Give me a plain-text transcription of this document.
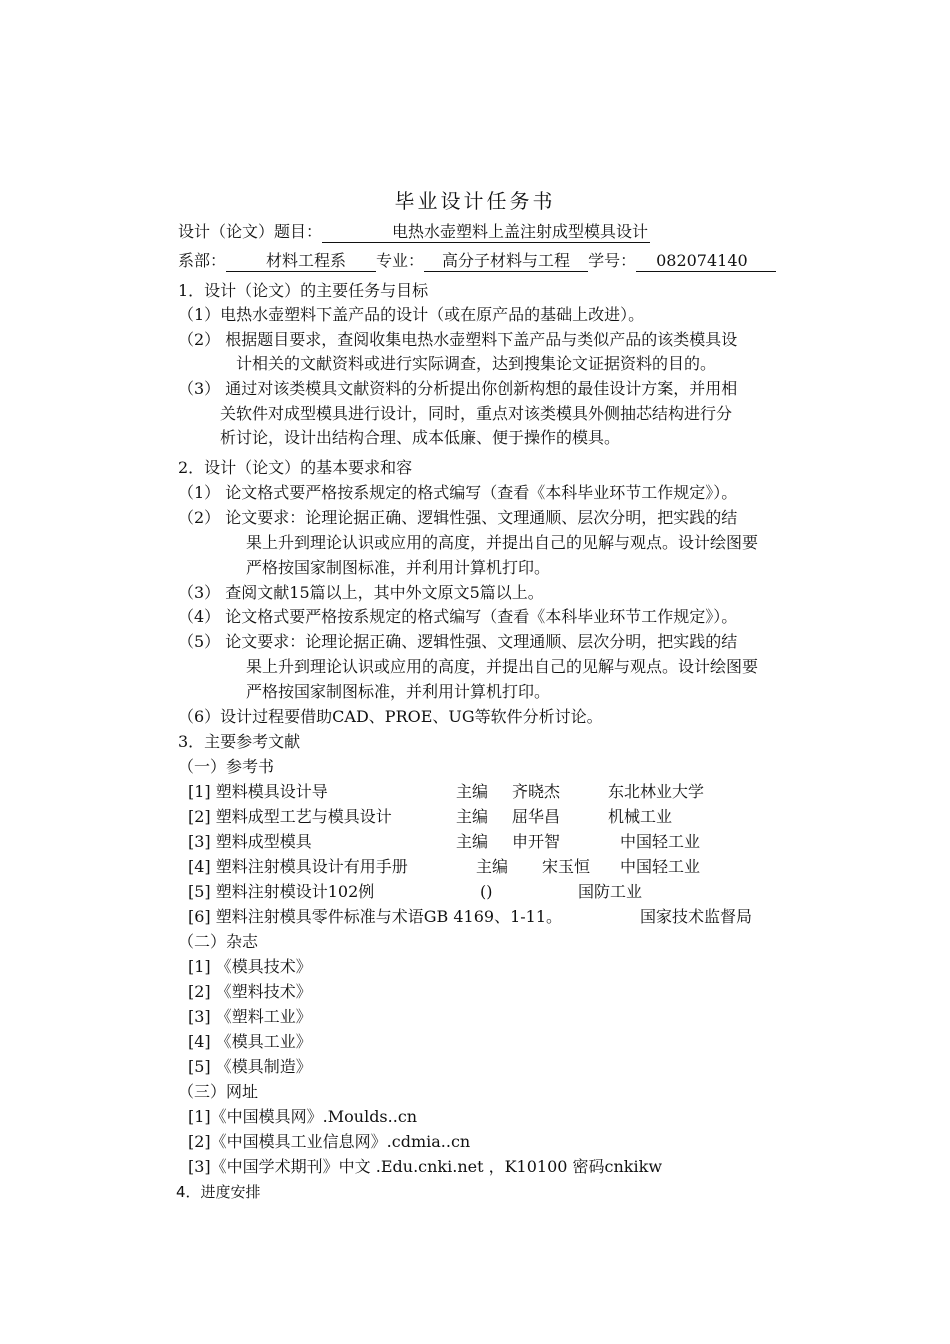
毕业设计任务书
设计（论文）题目：	电热水壶塑料上盖注射成型模具设计
系部：	材料工程系 专业： 高分子材料与工程 学号： 082074140
1．设计（论文）的主要任务与目标
（1）电热水壶塑料下盖产品的设计（或在原产品的基础上改进）。
（2） 根据题目要求，查阅收集电热水壶塑料下盖产品与类似产品的该类模具设
计相关的文献资料或进行实际调查，达到搜集论文证据资料的目的。
（3） 通过对该类模具文献资料的分析提出你创新构想的最佳设计方案，并用相
关软件对成型模具进行设计，同时，重点对该类模具外侧抽芯结构进行分
析讨论，设计出结构合理、成本低廉、便于操作的模具。
2．设计（论文）的基本要求和容
（1） 论文格式要严格按系规定的格式编写（查看《本科毕业环节工作规定》）。
（2） 论文要求：论理论据正确、逻辑性强、文理通顺、层次分明，把实践的结
果上升到理论认识或应用的高度，并提出自己的见解与观点。设计绘图要
严格按国家制图标准，并利用计算机打印。
（3） 查阅文献15篇以上，其中外文原文5篇以上。
（4） 论文格式要严格按系规定的格式编写（查看《本科毕业环节工作规定》）。
（5） 论文要求：论理论据正确、逻辑性强、文理通顺、层次分明，把实践的结
果上升到理论认识或应用的高度，并提出自己的见解与观点。设计绘图要
严格按国家制图标准，并利用计算机打印。
（6）设计过程要借助CAD、PROE、UG等软件分析讨论。
3．主要参考文献
（一）参考书
[1] 塑料模具设计导	主编 齐晓杰	东北林业大学
[2] 塑料成型工艺与模具设计	主编 屈华昌	机械工业
[3] 塑料成型模具	主编 申开智	中国轻工业
[4] 塑料注射模具设计有用手册	主编 宋玉恒 中国轻工业
[5] 塑料注射模设计102例	()	国防工业
[6] 塑料注射模具零件标准与术语GB 4169、1-11。	国家技术监督局
（二）杂志
[1] 《模具技术》
[2] 《塑料技术》
[3] 《塑料工业》
[4] 《模具工业》
[5] 《模具制造》
（三）网址
[1]《中国模具网》.Moulds..cn
[2]《中国模具工业信息网》.cdmia..cn
[3]《中国学术期刊》中文 .Edu.cnki.net ，K10100 密码cnkikw
4．进度安排
